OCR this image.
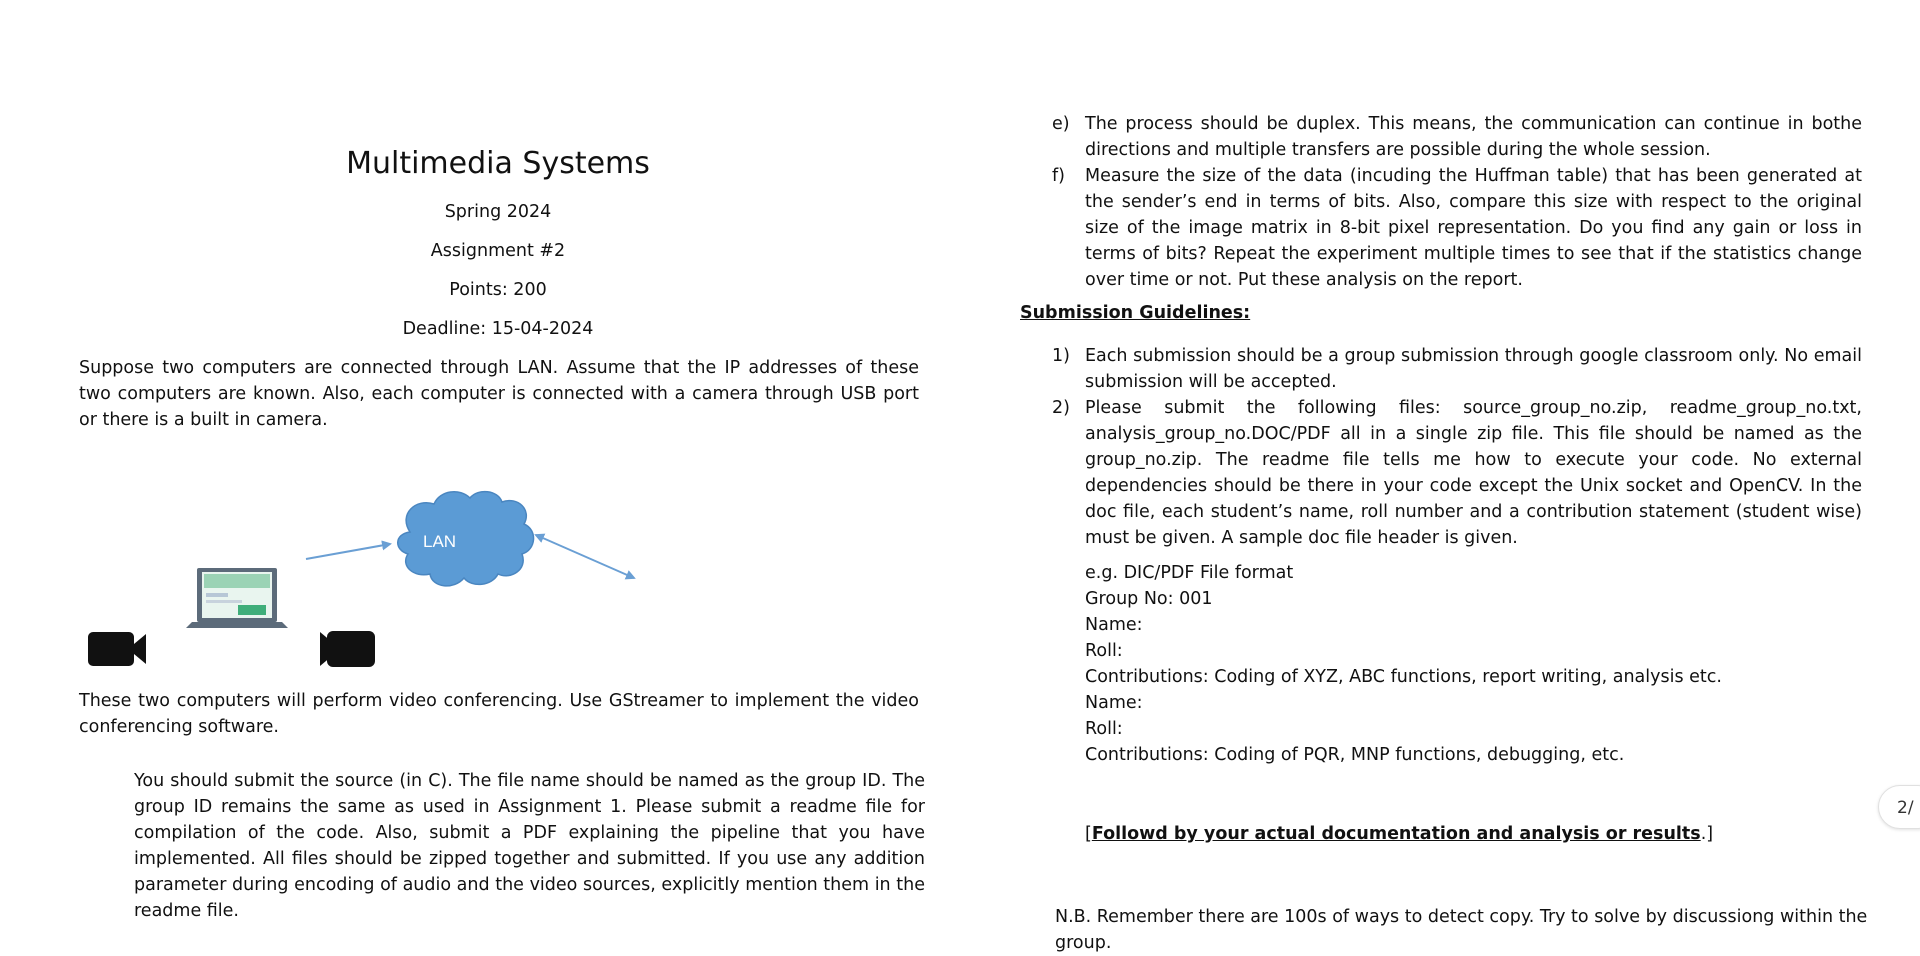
Multimedia Systems
Spring 2024
Assignment #2
Points: 200
Deadline: 15-04-2024
Suppose two computers are connected through LAN. Assume that the IP addresses of these two computers are known. Also, each computer is connected with a camera through USB port or there is a built in camera.
LAN
These two computers will perform video conferencing. Use GStreamer to implement the video conferencing software.
You should submit the source (in C). The file name should be named as the group ID. The group ID remains the same as used in Assignment 1. Please submit a readme file for compilation of the code. Also, submit a PDF explaining the pipeline that you have implemented. All files should be zipped together and submitted. If you use any addition parameter during encoding of audio and the video sources, explicitly mention them in the readme file.
e) The process should be duplex. This means, the communication can continue in bothe directions and multiple transfers are possible during the whole session.
f) Measure the size of the data (incuding the Huffman table) that has been generated at the sender’s end in terms of bits. Also, compare this size with respect to the original size of the image matrix in 8-bit pixel representation. Do you find any gain or loss in terms of bits? Repeat the experiment multiple times to see that if the statistics change over time or not. Put these analysis on the report.
Submission Guidelines:
1) Each submission should be a group submission through google classroom only. No email submission will be accepted.
2) Please submit the following files: source_group_no.zip, readme_group_no.txt, analysis_group_no.DOC/PDF all in a single zip file. This file should be named as the group_no.zip. The readme file tells me how to execute your code. No external dependencies should be there in your code except the Unix socket and OpenCV. In the doc file, each student’s name, roll number and a contribution statement (student wise) must be given. A sample doc file header is given.
e.g. DIC/PDF File format
Group No: 001
Name:
Roll:
Contributions: Coding of XYZ, ABC functions, report writing, analysis etc.
Name:
Roll:
Contributions: Coding of PQR, MNP functions, debugging, etc.
[Followd by your actual documentation and analysis or results.]
N.B. Remember there are 100s of ways to detect copy. Try to solve by discussiong within the group.
2/
